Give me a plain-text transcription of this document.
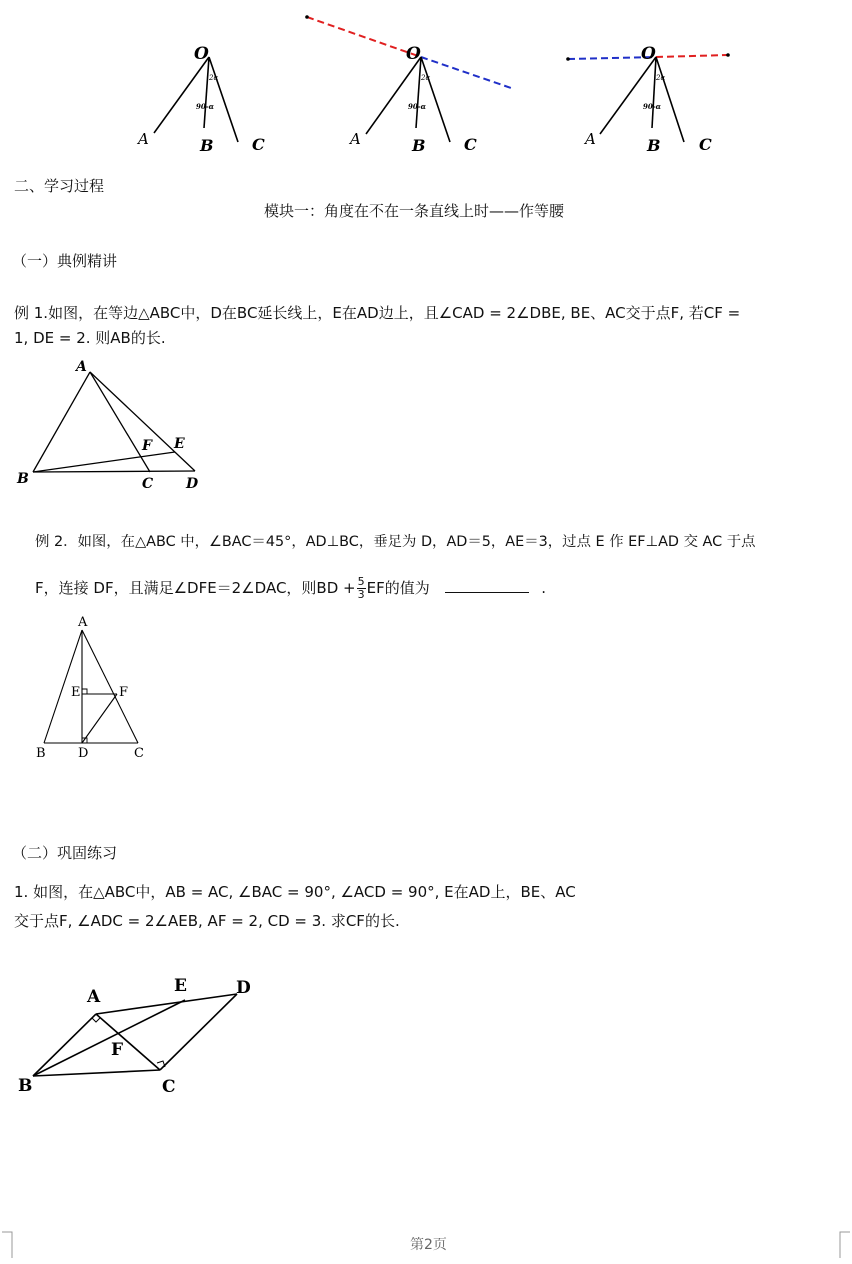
O
A	B C
2α
90-α
O
A	B C
2α
90-α
O
A	B C
2α
90-α
二、学习过程
模块一：角度在不在一条直线上时——作等腰
（一）典例精讲
例 1.如图，在等边△ABC中，D在BC延长线上，E在AD边上，且∠CAD = 2∠DBE, BE、AC交于点F, 若CF =
1, DE = 2. 则AB的长.
A
B	C D
E
F
例 2．如图，在△ABC 中，∠BAC＝45°，AD⊥BC，垂足为 D，AD＝5，AE＝3，过点 E 作 EF⊥AD 交 AC 于点
F，连接 DF，且满足∠DFE＝2∠DAC，则BD + $\frac{5}{3}$ EF的值为	.
A
B	C
D
E	F
（二）巩固练习
1. 如图，在△ABC中，AB = AC, ∠BAC = 90°, ∠ACD = 90°, E在AD上，BE、AC
交于点F, ∠ADC = 2∠AEB, AF = 2, CD = 3. 求CF的长.
A
B	C
D
E
F
第2页
